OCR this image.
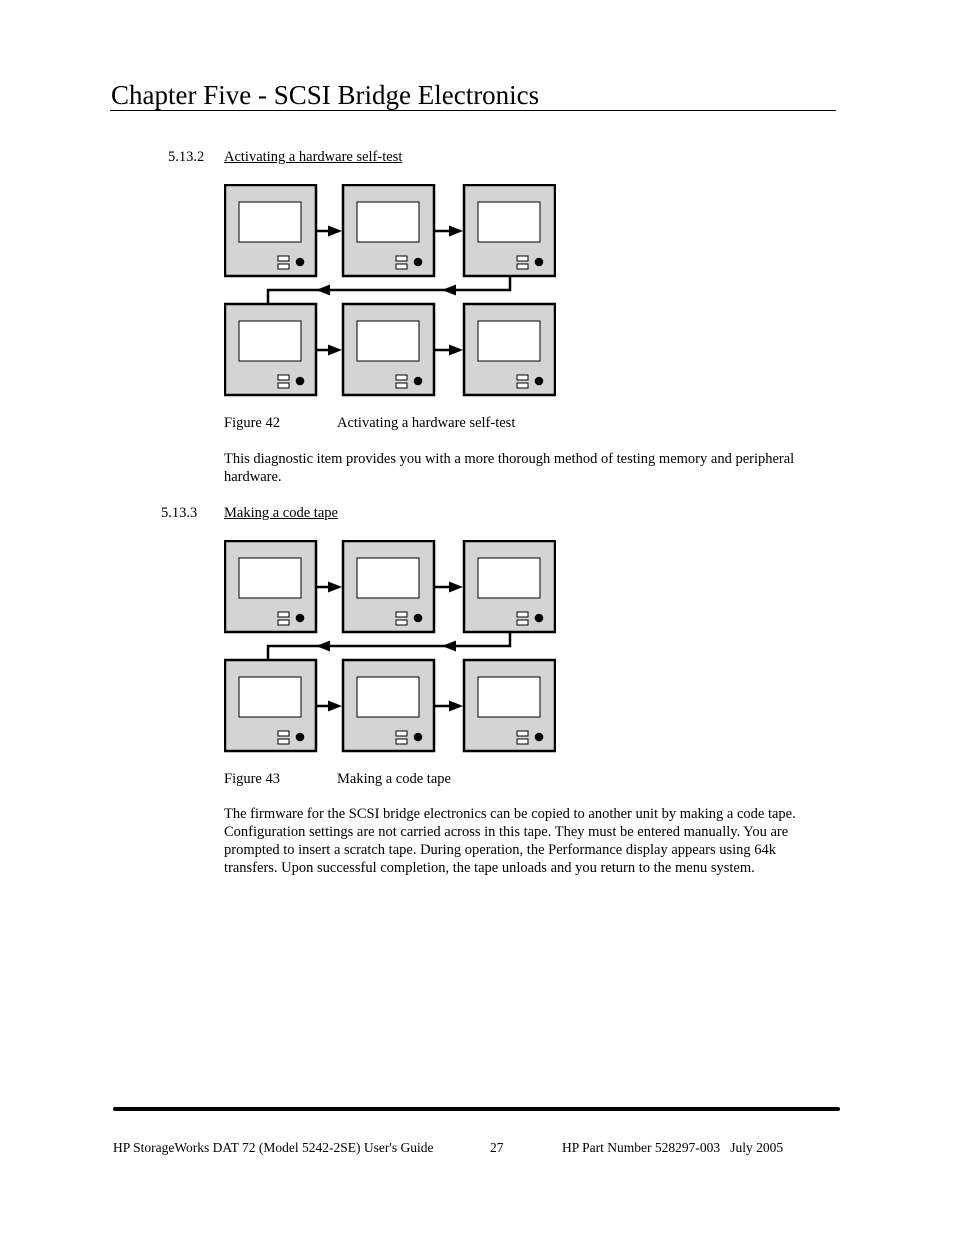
Chapter Five - SCSI Bridge Electronics
5.13.2 Activating a hardware self-test
Figure 42	Activating a hardware self-test

This diagnostic item provides you with a more thorough method of testing memory and peripheral hardware.

5.13.3 Making a code tape
Figure 43	Making a code tape

The firmware for the SCSI bridge electronics can be copied to another unit by making a code tape. Configuration settings are not carried across in this tape. They must be entered manually. You are prompted to insert a scratch tape. During operation, the Performance display appears using 64k transfers. Upon successful completion, the tape unloads and you return to the menu system.

HP StorageWorks DAT 72 (Model 5242-2SE) User's Guide	27	HP Part Number 528297-003   July 2005
